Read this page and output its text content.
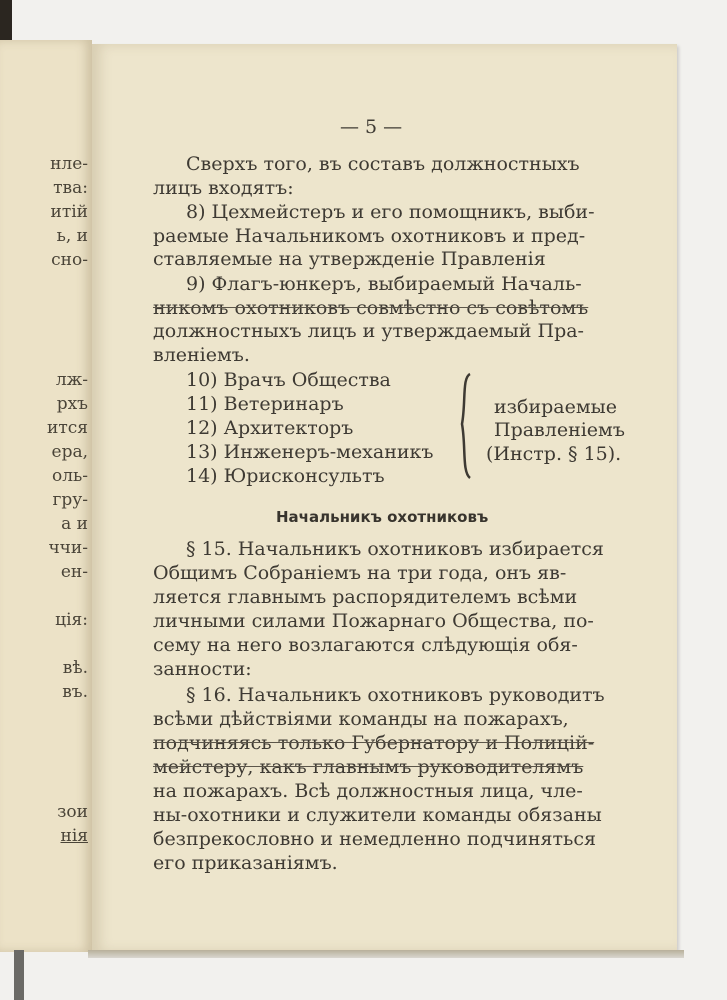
нле-
тва:
итій
ь, и
сно-
лж-
рхъ
ится
ера,
оль-
гру-
а и
ччи-
ен-
ція:
вѣ.
въ.
зои
нія
— 5 —
Сверхъ того, въ составъ должностныхъ
лицъ входятъ:
8) Цехмейстеръ и его помощникъ, выби-
раемые Начальникомъ охотниковъ и пред-
ставляемые на утвержденіе Правленія
9) Флагъ-юнкеръ, выбираемый Началь-
никомъ охотниковъ совмѣстно съ совѣтомъ
должностныхъ лицъ и утверждаемый Пра-
вленіемъ.
10) Врачъ Общества
11) Ветеринаръ
12) Архитекторъ
13) Инженеръ-механикъ
14) Юрисконсультъ
избираемые
Правленіемъ
(Инстр. § 15).
Начальникъ охотниковъ
§ 15. Начальникъ охотниковъ избирается
Общимъ Собраніемъ на три года, онъ яв-
ляется главнымъ распорядителемъ всѣми
личными силами Пожарнаго Общества, по-
сему на него возлагаются слѣдующія обя-
занности:
§ 16. Начальникъ охотниковъ руководитъ
всѣми дѣйствіями команды на пожарахъ,
подчиняясь только Губернатору и Полицій-
мейстеру, какъ главнымъ руководителямъ
на пожарахъ. Всѣ должностныя лица, чле-
ны-охотники и служители команды обязаны
безпрекословно и немедленно подчиняться
его приказаніямъ.
